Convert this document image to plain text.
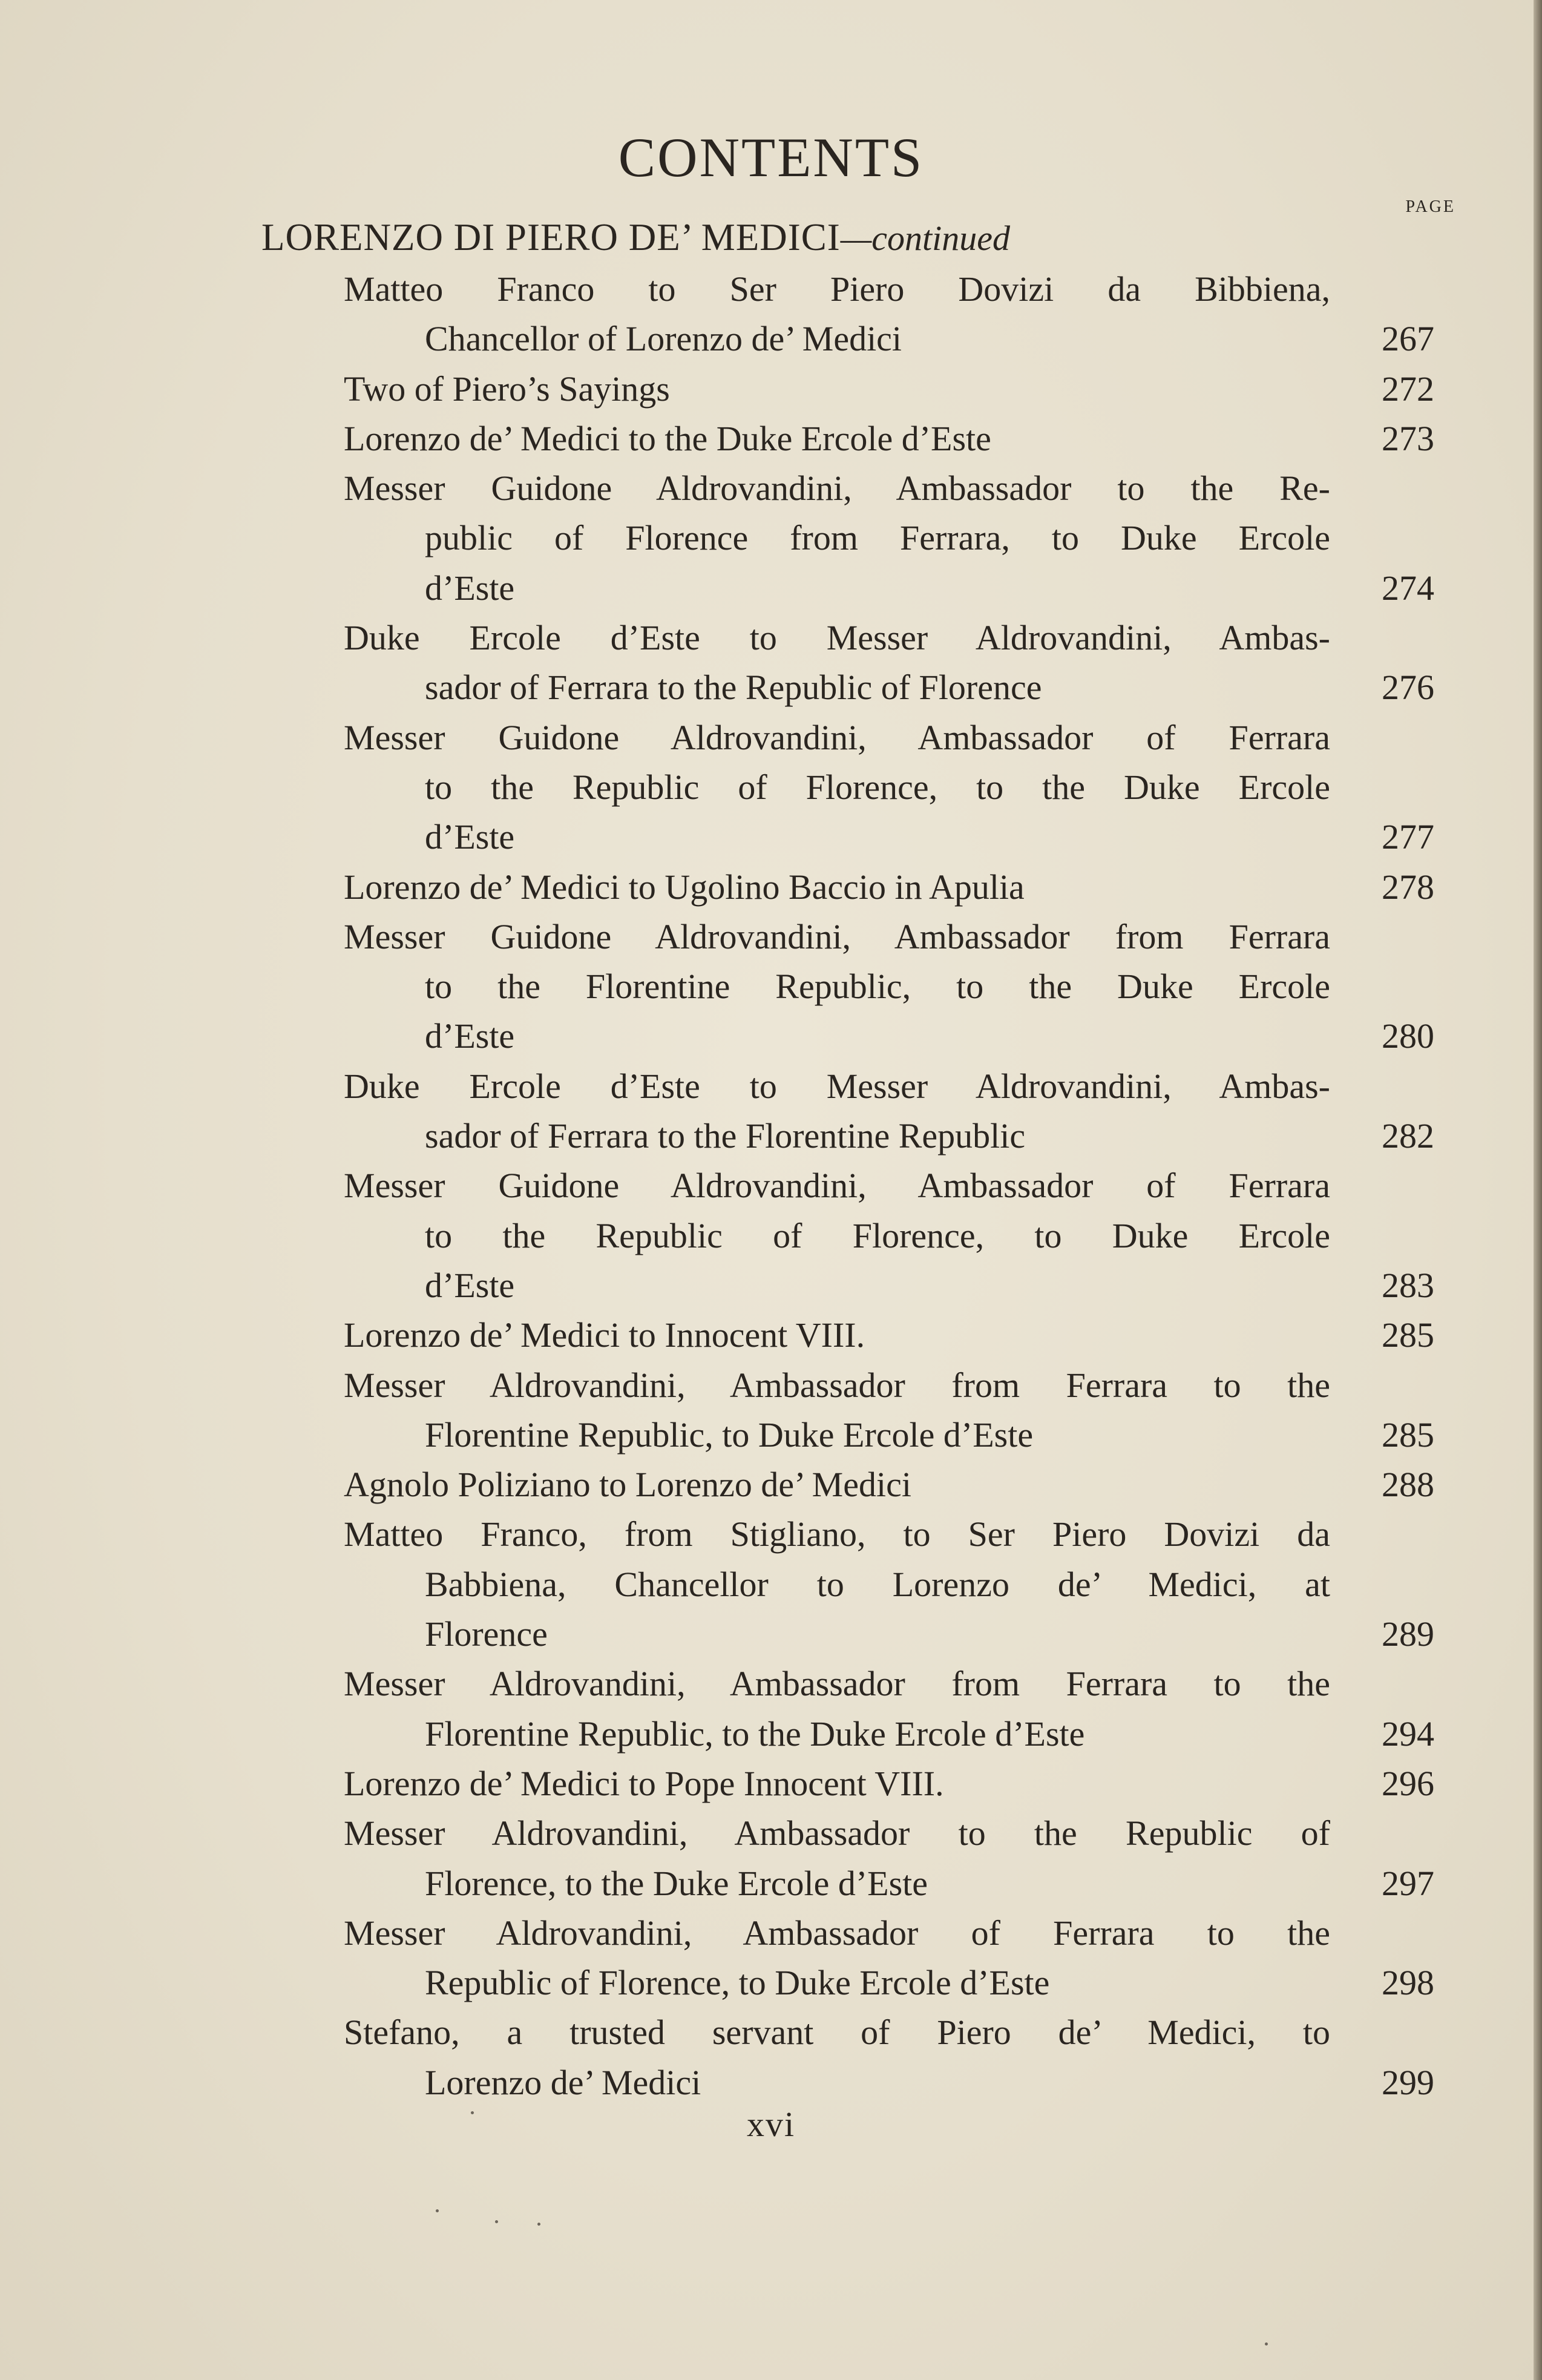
CONTENTS
PAGE
LORENZO DI PIERO DE’ MEDICI—continued
Matteo Franco to Ser Piero Dovizi da Bibbiena,
Chancellor of Lorenzo de’ Medici	267
Two of Piero’s Sayings	272
Lorenzo de’ Medici to the Duke Ercole d’Este	273
Messer Guidone Aldrovandini, Ambassador to the Re-
public of Florence from Ferrara, to Duke Ercole
d’Este	274
Duke Ercole d’Este to Messer Aldrovandini, Ambas-
sador of Ferrara to the Republic of Florence	276
Messer Guidone Aldrovandini, Ambassador of Ferrara
to the Republic of Florence, to the Duke Ercole
d’Este	277
Lorenzo de’ Medici to Ugolino Baccio in Apulia	278
Messer Guidone Aldrovandini, Ambassador from Ferrara
to the Florentine Republic, to the Duke Ercole
d’Este	280
Duke Ercole d’Este to Messer Aldrovandini, Ambas-
sador of Ferrara to the Florentine Republic	282
Messer Guidone Aldrovandini, Ambassador of Ferrara
to the Republic of Florence, to Duke Ercole
d’Este	283
Lorenzo de’ Medici to Innocent VIII.	285
Messer Aldrovandini, Ambassador from Ferrara to the
Florentine Republic, to Duke Ercole d’Este	285
Agnolo Poliziano to Lorenzo de’ Medici	288
Matteo Franco, from Stigliano, to Ser Piero Dovizi da
Babbiena, Chancellor to Lorenzo de’ Medici, at
Florence	289
Messer Aldrovandini, Ambassador from Ferrara to the
Florentine Republic, to the Duke Ercole d’Este	294
Lorenzo de’ Medici to Pope Innocent VIII.	296
Messer Aldrovandini, Ambassador to the Republic of
Florence, to the Duke Ercole d’Este	297
Messer Aldrovandini, Ambassador of Ferrara to the
Republic of Florence, to Duke Ercole d’Este	298
Stefano, a trusted servant of Piero de’ Medici, to
Lorenzo de’ Medici	299
xvi
